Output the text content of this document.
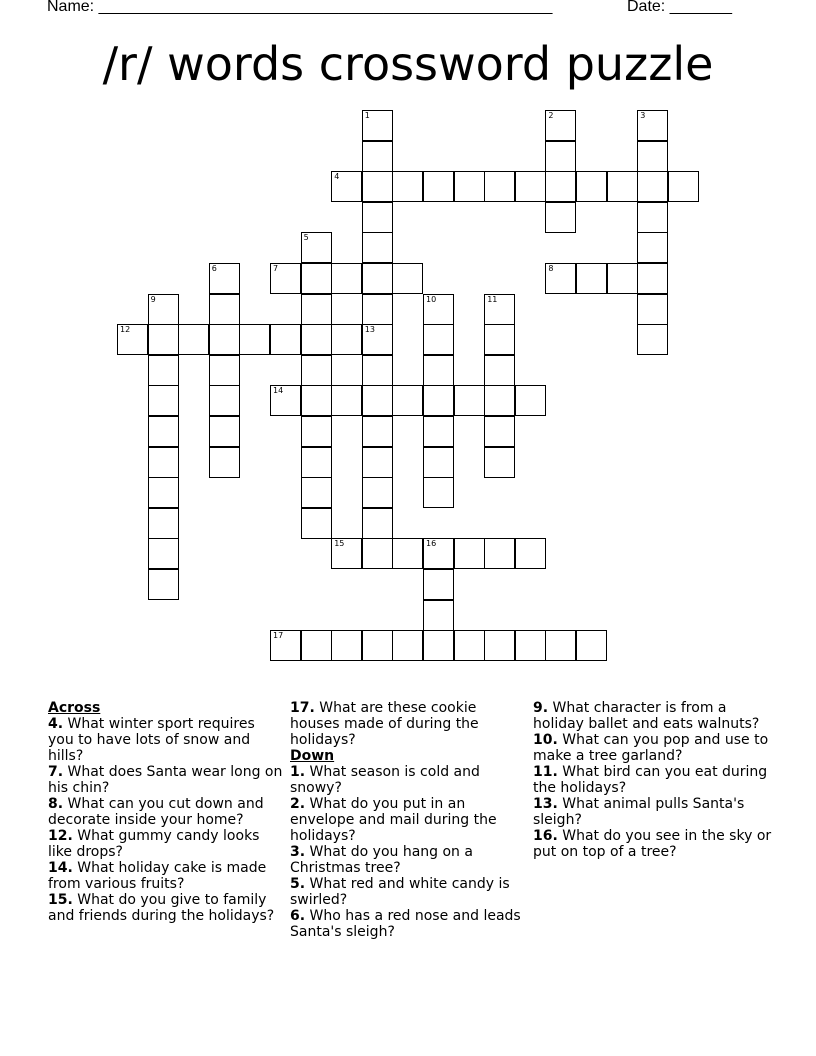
Name: ___________________________________________________	Date: _______
/r/ words crossword puzzle
1
13
2	3
4
5
6	7	8
9	10	11
12
14
15	16
17
Across
4. What winter sport requires you to have lots of snow and hills?
7. What does Santa wear long on his chin?
8. What can you cut down and decorate inside your home?
12. What gummy candy looks like drops?
14. What holiday cake is made from various fruits?
15. What do you give to family and friends during the holidays?
17. What are these cookie houses made of during the holidays?
Down
1. What season is cold and snowy?
2. What do you put in an envelope and mail during the holidays?
3. What do you hang on a Christmas tree?
5. What red and white candy is swirled?
6. Who has a red nose and leads Santa's sleigh?
9. What character is from a holiday ballet and eats walnuts?
10. What can you pop and use to make a tree garland?
11. What bird can you eat during the holidays?
13. What animal pulls Santa's sleigh?
16. What do you see in the sky or put on top of a tree?
